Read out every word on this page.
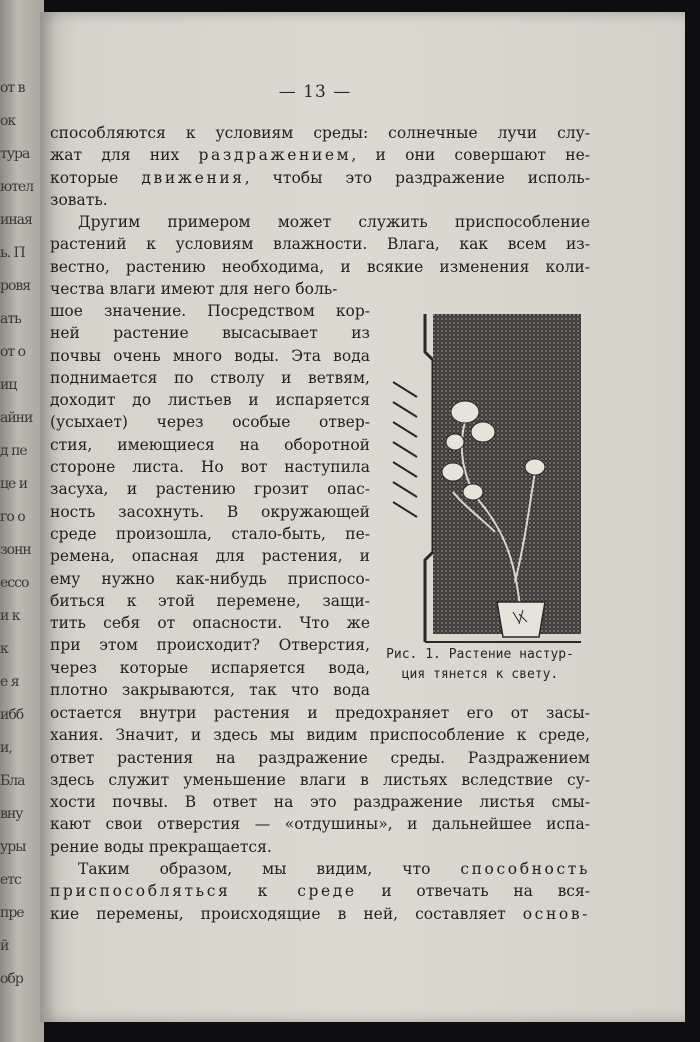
от в
ок
тура
ютел
иная
ь. П
ровя
ать
от о
иц
айни
д пе
це и
го о
зонн
ессо
и к
к
е я
ибб
и,
Бла
вну
уры
етс
пре
й
обр
— 13 —
способляются к условиям среды: солнечные лучи слу-
жат для них раздражением, и они совершают не-
которые движения, чтобы это раздражение исполь-
зовать.
Другим примером может служить приспособление
растений к условиям влажности. Влага, как всем из-
вестно, растению необходима, и всякие изменения коли-
чества влаги имеют для него боль-
шое значение. Посредством кор-
ней растение высасывает из
почвы очень много воды. Эта вода
поднимается по стволу и ветвям,
доходит до листьев и испаряется
(усыхает) через особые отвер-
стия, имеющиеся на оборотной
стороне листа. Но вот наступила
засуха, и растению грозит опас-
ность засохнуть. В окружающей
среде произошла, стало-быть, пе-
ремена, опасная для растения, и
ему нужно как-нибудь приспосо-
биться к этой перемене, защи-
тить себя от опасности. Что же
при этом происходит? Отверстия,
через которые испаряется вода,
плотно закрываются, так что вода
Рис. 1. Растение настур-
ция тянется к свету.
остается внутри растения и предохраняет его от засы-
хания. Значит, и здесь мы видим приспособление к среде,
ответ растения на раздражение среды. Раздражением
здесь служит уменьшение влаги в листьях вследствие су-
хости почвы. В ответ на это раздражение листья смы-
кают свои отверстия — «отдушины», и дальнейшее испа-
рение воды прекращается.
Таким образом, мы видим, что способность
приспособляться к среде и отвечать на вся-
кие перемены, происходящие в ней, составляет основ-
